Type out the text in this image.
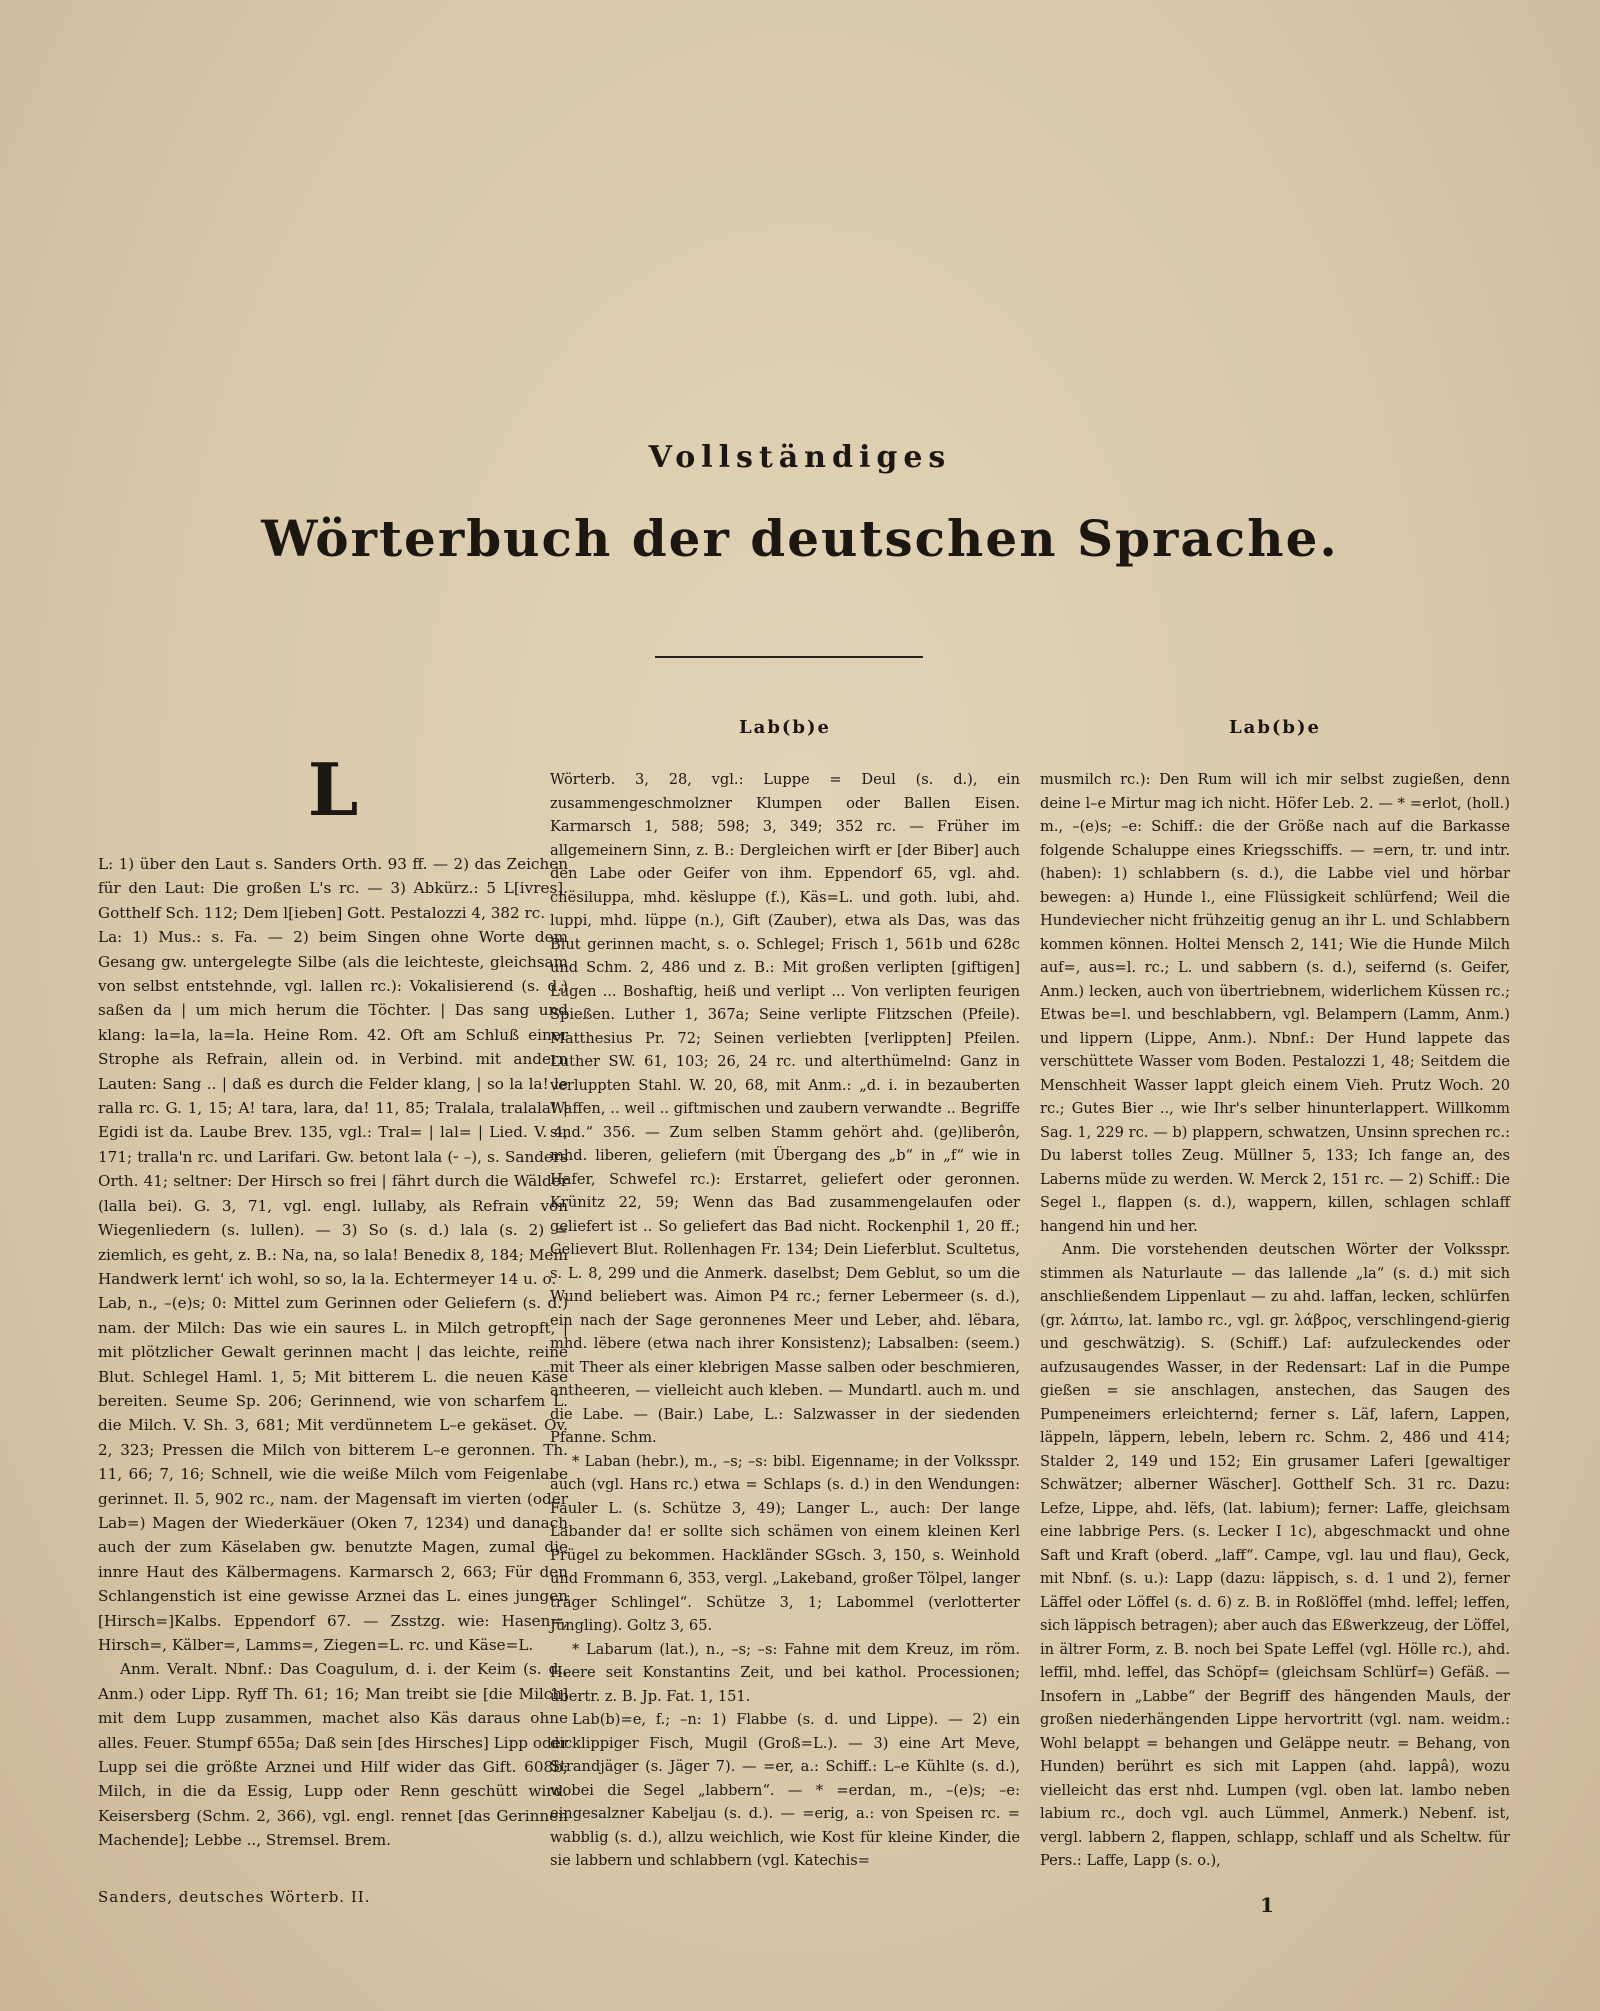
Vollständiges
Wörterbuch der deutschen Sprache.
L

L: 1) über den Laut s. Sanders Orth. 93 ff. — 2) das Zeichen für den Laut: Die großen L's rc. — 3) Abkürz.: 5 L[ivres]. Gotthelf Sch. 112; Dem l[ieben] Gott. Pestalozzi 4, 382 rc.

La: 1) Mus.: s. Fa. — 2) beim Singen ohne Worte dem Gesang gw. untergelegte Silbe (als die leichteste, gleichsam von selbst entstehnde, vgl. lallen rc.): Vokalisierend (s. d.) saßen da | um mich herum die Töchter. | Das sang und klang: la=la, la=la. Heine Rom. 42. Oft am Schluß einer Strophe als Refrain, allein od. in Verbind. mit andern Lauten: Sang .. | daß es durch die Felder klang, | so la la! le ralla rc. G. 1, 15; A! tara, lara, da! 11, 85; Tralala, tralala! | Egidi ist da. Laube Brev. 135, vgl.: Tral= | lal= | Lied. V. 4, 171; tralla'n rc. und Larifari. Gw. betont lala (⏑ –), s. Sanders Orth. 41; seltner: Der Hirsch so frei | fährt durch die Wälder (lalla bei). G. 3, 71, vgl. engl. lullaby, als Refrain von Wiegenliedern (s. lullen). — 3) So (s. d.) lala (s. 2) = ziemlich, es geht, z. B.: Na, na, so lala! Benedix 8, 184; Mein Handwerk lernt' ich wohl, so so, la la. Echtermeyer 14 u. o.

Lab, n., –(e)s; 0: Mittel zum Gerinnen oder Geliefern (s. d.) nam. der Milch: Das wie ein saures L. in Milch getropft, | mit plötzlicher Gewalt gerinnen macht | das leichte, reine Blut. Schlegel Haml. 1, 5; Mit bitterem L. die neuen Käse bereiten. Seume Sp. 206; Gerinnend, wie von scharfem L. die Milch. V. Sh. 3, 681; Mit verdünnetem L–e gekäset. Ov. 2, 323; Pressen die Milch von bitterem L–e geronnen. Th. 11, 66; 7, 16; Schnell, wie die weiße Milch vom Feigenlabe gerinnet. Il. 5, 902 rc., nam. der Magensaft im vierten (oder Lab=) Magen der Wiederkäuer (Oken 7, 1234) und danach auch der zum Käselaben gw. benutzte Magen, zumal die innre Haut des Kälbermagens. Karmarsch 2, 663; Für den Schlangenstich ist eine gewisse Arznei das L. eines jungen [Hirsch=]Kalbs. Eppendorf 67. — Zsstzg. wie: Hasen=, Hirsch=, Kälber=, Lamms=, Ziegen=L. rc. und Käse=L.

Anm. Veralt. Nbnf.: Das Coagulum, d. i. der Keim (s. d., Anm.) oder Lipp. Ryff Th. 61; 16; Man treibt sie [die Milch] mit dem Lupp zusammen, machet also Käs daraus ohne alles. Feuer. Stumpf 655a; Daß sein [des Hirsches] Lipp oder Lupp sei die größte Arznei und Hilf wider das Gift. 608b; Milch, in die da Essig, Lupp oder Renn geschütt wird. Keisersberg (Schm. 2, 366), vgl. engl. rennet [das Gerinnen Machende]; Lebbe .., Stremsel. Brem.

Lab(b)e

Wörterb. 3, 28, vgl.: Luppe = Deul (s. d.), ein zusammengeschmolzner Klumpen oder Ballen Eisen. Karmarsch 1, 588; 598; 3, 349; 352 rc. — Früher im allgemeinern Sinn, z. B.: Dergleichen wirft er [der Biber] auch den Labe oder Geifer von ihm. Eppendorf 65, vgl. ahd. chësiluppa, mhd. kësluppe (f.), Käs=L. und goth. lubi, ahd. luppi, mhd. lüppe (n.), Gift (Zauber), etwa als Das, was das Blut gerinnen macht, s. o. Schlegel; Frisch 1, 561b und 628c und Schm. 2, 486 und z. B.: Mit großen verlipten [giftigen] Lügen ... Boshaftig, heiß und verlipt ... Von verlipten feurigen Spießen. Luther 1, 367a; Seine verlipte Flitzschen (Pfeile). Matthesius Pr. 72; Seinen verliebten [verlippten] Pfeilen. Luther SW. 61, 103; 26, 24 rc. und alterthümelnd: Ganz in verluppten Stahl. W. 20, 68, mit Anm.: „d. i. in bezauberten Waffen, .. weil .. giftmischen und zaubern verwandte .. Begriffe sind.“ 356. — Zum selben Stamm gehört ahd. (ge)liberôn, mhd. liberen, geliefern (mit Übergang des „b“ in „f“ wie in Hafer, Schwefel rc.): Erstarret, geliefert oder geronnen. Krünitz 22, 59; Wenn das Bad zusammengelaufen oder geliefert ist .. So geliefert das Bad nicht. Rockenphil 1, 20 ff.; Gelievert Blut. Rollenhagen Fr. 134; Dein Lieferblut. Scultetus, s. L. 8, 299 und die Anmerk. daselbst; Dem Geblut, so um die Wund beliebert was. Aimon P4 rc.; ferner Lebermeer (s. d.), ein nach der Sage geronnenes Meer und Leber, ahd. lëbara, mhd. lëbere (etwa nach ihrer Konsistenz); Labsalben: (seem.) mit Theer als einer klebrigen Masse salben oder beschmieren, antheeren, — vielleicht auch kleben. — Mundartl. auch m. und die Labe. — (Bair.) Labe, L.: Salzwasser in der siedenden Pfanne. Schm.

* Laban (hebr.), m., –s; –s: bibl. Eigenname; in der Volksspr. auch (vgl. Hans rc.) etwa = Schlaps (s. d.) in den Wendungen: Fauler L. (s. Schütze 3, 49); Langer L., auch: Der lange Labander da! er sollte sich schämen von einem kleinen Kerl Prügel zu bekommen. Hackländer SGsch. 3, 150, s. Weinhold und Frommann 6, 353, vergl. „Lakeband, großer Tölpel, langer träger Schlingel“. Schütze 3, 1; Labommel (verlotterter Jüngling). Goltz 3, 65.

* Labarum (lat.), n., –s; –s: Fahne mit dem Kreuz, im röm. Heere seit Konstantins Zeit, und bei kathol. Processionen; übertr. z. B. Jp. Fat. 1, 151.

Lab(b)=e, f.; –n: 1) Flabbe (s. d. und Lippe). — 2) ein dicklippiger Fisch, Mugil (Groß=L.). — 3) eine Art Meve, Strandjäger (s. Jäger 7). — =er, a.: Schiff.: L–e Kühlte (s. d.), wobei die Segel „labbern“. — * =erdan, m., –(e)s; –e: eingesalzner Kabeljau (s. d.). — =erig, a.: von Speisen rc. = wabblig (s. d.), allzu weichlich, wie Kost für kleine Kinder, die sie labbern und schlabbern (vgl. Katechis=

Lab(b)e

musmilch rc.): Den Rum will ich mir selbst zugießen, denn deine l–e Mirtur mag ich nicht. Höfer Leb. 2. — * =erlot, (holl.) m., –(e)s; –e: Schiff.: die der Größe nach auf die Barkasse folgende Schaluppe eines Kriegsschiffs. — =ern, tr. und intr. (haben): 1) schlabbern (s. d.), die Labbe viel und hörbar bewegen: a) Hunde l., eine Flüssigkeit schlürfend; Weil die Hundeviecher nicht frühzeitig genug an ihr L. und Schlabbern kommen können. Holtei Mensch 2, 141; Wie die Hunde Milch auf=, aus=l. rc.; L. und sabbern (s. d.), seifernd (s. Geifer, Anm.) lecken, auch von übertriebnem, widerlichem Küssen rc.; Etwas be=l. und beschlabbern, vgl. Belampern (Lamm, Anm.) und lippern (Lippe, Anm.). Nbnf.: Der Hund lappete das verschüttete Wasser vom Boden. Pestalozzi 1, 48; Seitdem die Menschheit Wasser lappt gleich einem Vieh. Prutz Woch. 20 rc.; Gutes Bier .., wie Ihr's selber hinunterlappert. Willkomm Sag. 1, 229 rc. — b) plappern, schwatzen, Unsinn sprechen rc.: Du laberst tolles Zeug. Müllner 5, 133; Ich fange an, des Laberns müde zu werden. W. Merck 2, 151 rc. — 2) Schiff.: Die Segel l., flappen (s. d.), wappern, killen, schlagen schlaff hangend hin und her.

Anm. Die vorstehenden deutschen Wörter der Volksspr. stimmen als Naturlaute — das lallende „la“ (s. d.) mit sich anschließendem Lippenlaut — zu ahd. laffan, lecken, schlürfen (gr. λάπτω, lat. lambo rc., vgl. gr. λάβρος, verschlingend-gierig und geschwätzig). S. (Schiff.) Laf: aufzuleckendes oder aufzusaugendes Wasser, in der Redensart: Laf in die Pumpe gießen = sie anschlagen, anstechen, das Saugen des Pumpeneimers erleichternd; ferner s. Läf, lafern, Lappen, läppeln, läppern, lebeln, lebern rc. Schm. 2, 486 und 414; Stalder 2, 149 und 152; Ein grusamer Laferi [gewaltiger Schwätzer; alberner Wäscher]. Gotthelf Sch. 31 rc. Dazu: Lefze, Lippe, ahd. lëfs, (lat. labium); ferner: Laffe, gleichsam eine labbrige Pers. (s. Lecker I 1c), abgeschmackt und ohne Saft und Kraft (oberd. „laff“. Campe, vgl. lau und flau), Geck, mit Nbnf. (s. u.): Lapp (dazu: läppisch, s. d. 1 und 2), ferner Läffel oder Löffel (s. d. 6) z. B. in Roßlöffel (mhd. leffel; leffen, sich läppisch betragen); aber auch das Eßwerkzeug, der Löffel, in ältrer Form, z. B. noch bei Spate Leffel (vgl. Hölle rc.), ahd. leffil, mhd. leffel, das Schöpf= (gleichsam Schlürf=) Gefäß. — Insofern in „Labbe“ der Begriff des hängenden Mauls, der großen niederhängenden Lippe hervortritt (vgl. nam. weidm.: Wohl belappt = behangen und Geläppe neutr. = Behang, von Hunden) berührt es sich mit Lappen (ahd. lappâ), wozu vielleicht das erst nhd. Lumpen (vgl. oben lat. lambo neben labium rc., doch vgl. auch Lümmel, Anmerk.) Nebenf. ist, vergl. labbern 2, flappen, schlapp, schlaff und als Scheltw. für Pers.: Laffe, Lapp (s. o.),

Sanders, deutsches Wörterb. II.	1
